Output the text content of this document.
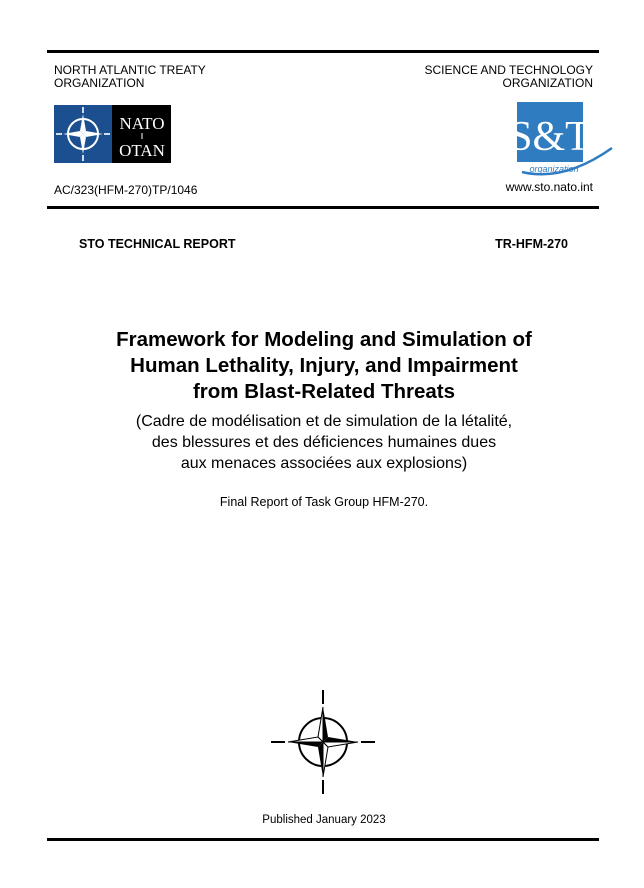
NORTH ATLANTIC TREATY
ORGANIZATION
SCIENCE AND TECHNOLOGY
ORGANIZATION
NATO
OTAN	S&T
organization
AC/323(HFM-270)TP/1046	www.sto.nato.int
STO TECHNICAL REPORT	TR-HFM-270
Framework for Modeling and Simulation of
Human Lethality, Injury, and Impairment
from Blast-Related Threats
(Cadre de modélisation et de simulation de la létalité,
des blessures et des déficiences humaines dues
aux menaces associées aux explosions)
Final Report of Task Group HFM-270.
Published January 2023
